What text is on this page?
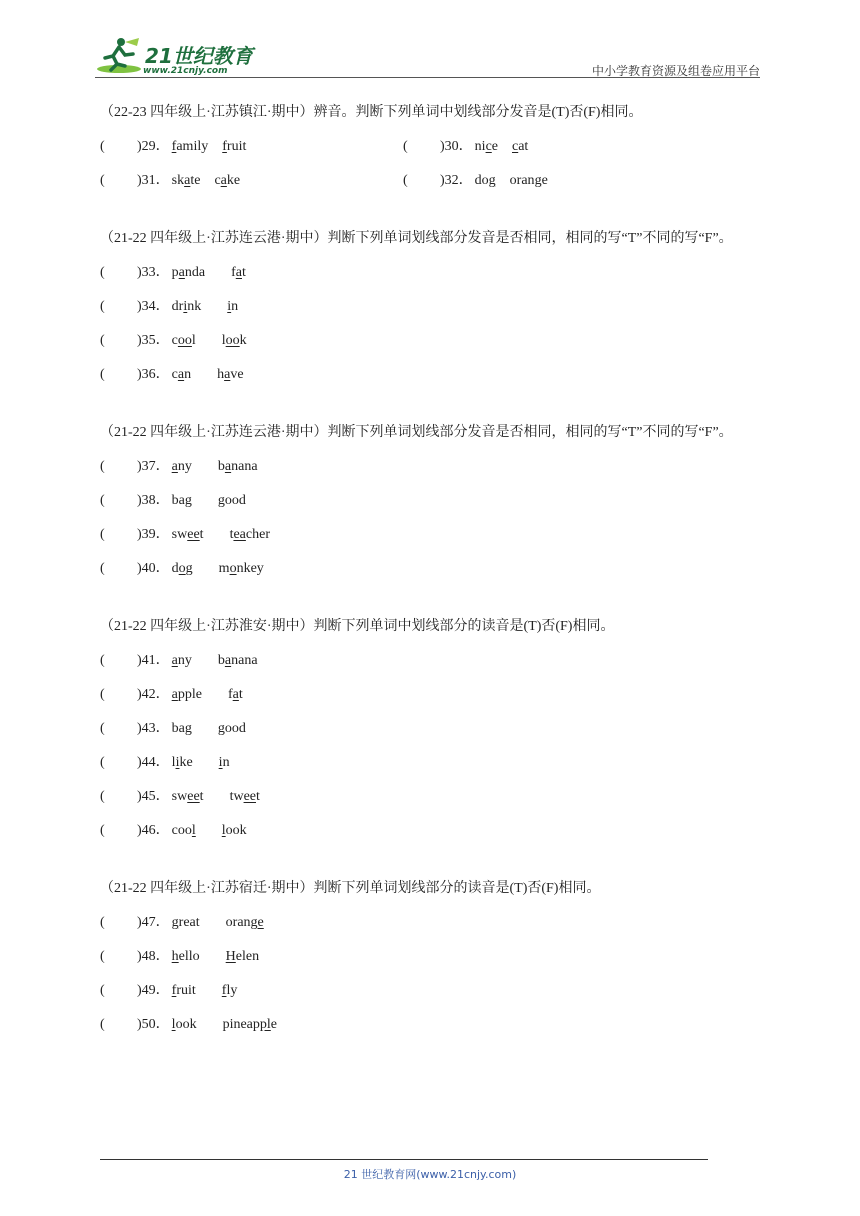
21世纪教育
www.21cnjy.com	中小学教育资源及组卷应用平台

（22-23 四年级上·江苏镇江·期中）辨音。判断下列单词中划线部分发音是(T)否(F)相同。

( )29． family fruit	( )30． nice cat
( )31． skate cake	( )32． dog orange

（21-22 四年级上·江苏连云港·期中）判断下列单词划线部分发音是否相同，相同的写“T”不同的写“F”。

( )33． panda fat
( )34． drink in
( )35． cool look
( )36． can have

（21-22 四年级上·江苏连云港·期中）判断下列单词划线部分发音是否相同，相同的写“T”不同的写“F”。

( )37． any banana
( )38． bag good
( )39． sweet teacher
( )40． dog monkey

（21-22 四年级上·江苏淮安·期中）判断下列单词中划线部分的读音是(T)否(F)相同。

( )41． any banana
( )42． apple fat
( )43． bag good
( )44． like in
( )45． sweet tweet
( )46． cool look

（21-22 四年级上·江苏宿迁·期中）判断下列单词划线部分的读音是(T)否(F)相同。

( )47． great orange
( )48． hello Helen
( )49． fruit fly
( )50． look pineapple
21 世纪教育网(www.21cnjy.com)
